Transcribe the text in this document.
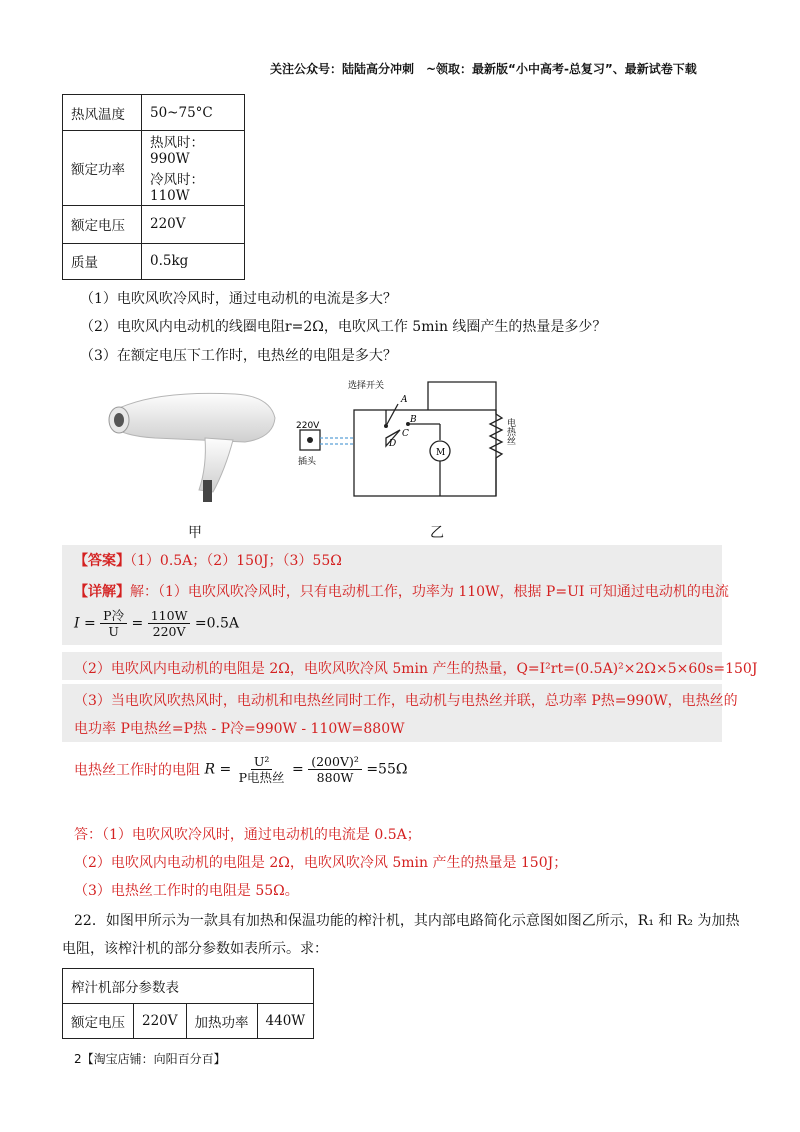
关注公众号：陆陆高分冲刺　~领取：最新版“小中高考-总复习”、最新试卷下载
热风温度	50~75°C
额定功率	热风时：990W
	冷风时：110W
额定电压	220V
质量	0.5kg
（1）电吹风吹冷风时，通过电动机的电流是多大？
（2）电吹风内电动机的线圈电阻r=2Ω，电吹风工作 5min 线圈产生的热量是多少？
（3）在额定电压下工作时，电热丝的电阻是多大？
选择开关
A
B
C
D
M
220V
插头
电热丝
甲	乙
【答案】（1）0.5A；（2）150J；（3）55Ω
【详解】解：（1）电吹风吹冷风时，只有电动机工作，功率为 110W，根据 P=UI 可知通过电动机的电流
$I = \frac{\text{P冷}}{U} = \frac{110W}{220V} =0.5A$
（2）电吹风内电动机的电阻是 2Ω，电吹风吹冷风 5min 产生的热量，Q=I²rt=(0.5A)²×2Ω×5×60s=150J
（3）当电吹风吹热风时，电动机和电热丝同时工作，电动机与电热丝并联，总功率 P热=990W，电热丝的
电功率 P电热丝=P热 - P冷=990W - 110W=880W
电热丝工作时的电阻 $R = \frac{\text{U²}}{\text{P电热丝}} = \frac{\text{(200V)²}}{880W} =55\Omega$
答：（1）电吹风吹冷风时，通过电动机的电流是 0.5A；
（2）电吹风内电动机的电阻是 2Ω，电吹风吹冷风 5min 产生的热量是 150J；
（3）电热丝工作时的电阻是 55Ω。
22．如图甲所示为一款具有加热和保温功能的榨汁机，其内部电路简化示意图如图乙所示，R₁ 和 R₂ 为加热
电阻，该榨汁机的部分参数如表所示。求：
榨汁机部分参数表
额定电压	220V	加热功率	440W
2【淘宝店铺：向阳百分百】
